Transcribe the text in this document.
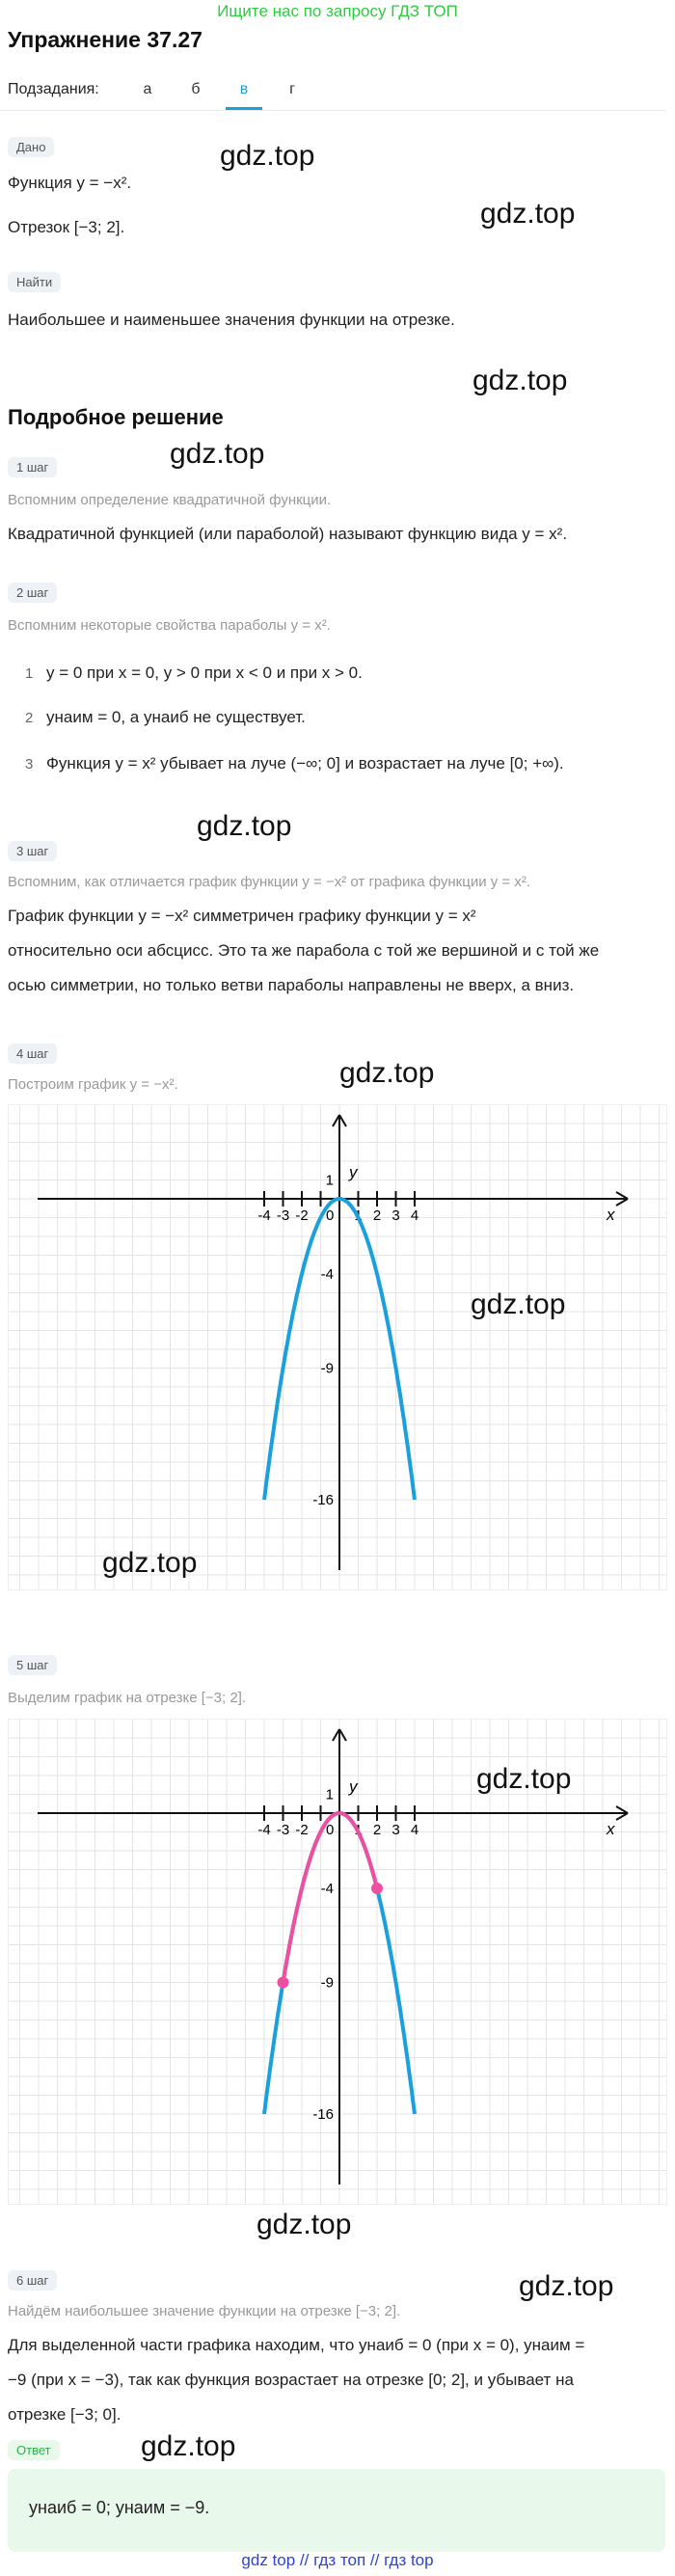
Ищите нас по запросу ГДЗ ТОП
Упражнение 37.27
Подзадания:	а	б	в	г
Дано
Функция y = −x².
Отрезок [−3; 2].
Найти
Наибольшее и наименьшее значения функции на отрезке.
Подробное решение
1 шаг
Вспомним определение квадратичной функции.
Квадратичной функцией (или параболой) называют функцию вида y = x².
2 шаг
Вспомним некоторые свойства параболы y = x².
1 y = 0 при x = 0, y > 0 при x < 0 и при x > 0.
2 yнаим = 0, а yнаиб не существует.
3 Функция y = x² убывает на луче (−∞; 0] и возрастает на луче [0; +∞).
3 шаг
Вспомним, как отличается график функции y = −x² от графика функции y = x².
График функции y = −x² симметричен графику функции y = x²
относительно оси абсцисс. Это та же парабола с той же вершиной и с той же
осью симметрии, но только ветви параболы направлены не вверх, а вниз.
4 шаг
Построим график y = −x².
x
y
0
-4 -3 -2	1 2 3 4
1
-4
-9
-16
5 шаг
Выделим график на отрезке [−3; 2].
x
y
0
-4 -3 -2	1 2 3 4
1
-4
-9
-16
6 шаг
Найдём наибольшее значение функции на отрезке [−3; 2].
Для выделенной части графика находим, что yнаиб = 0 (при x = 0), yнаим =
−9 (при x = −3), так как функция возрастает на отрезке [0; 2], и убывает на
отрезке [−3; 0].
Ответ
yнаиб = 0; yнаим = −9.
gdz.top
gdz.top
gdz.top
gdz.top
gdz.top
gdz.top
gdz.top
gdz.top
gdz.top
gdz.top
gdz.top
gdz.top
gdz top // гдз топ // гдз top
